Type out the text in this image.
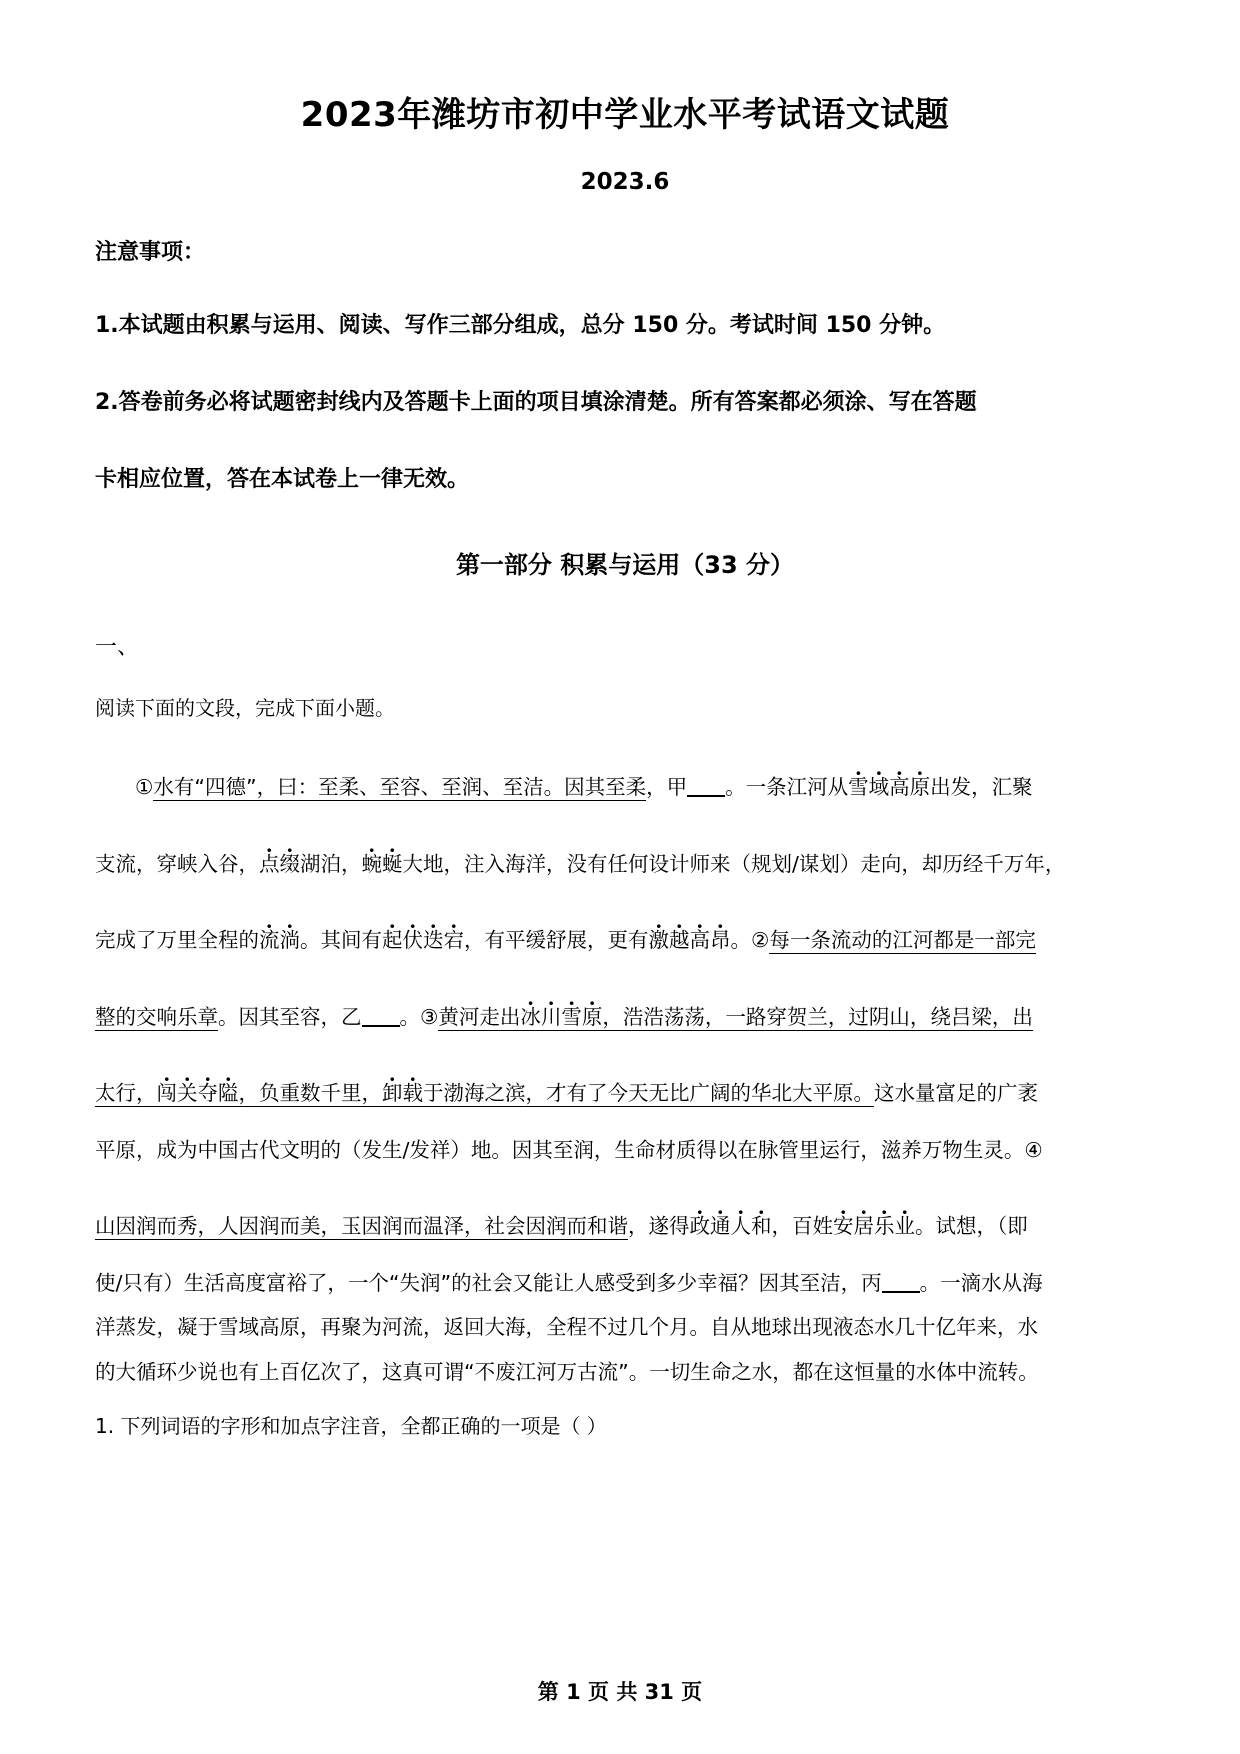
2023年潍坊市初中学业水平考试语文试题
2023.6
注意事项：
1.本试题由积累与运用、阅读、写作三部分组成，总分 150 分。考试时间 150 分钟。
2.答卷前务必将试题密封线内及答题卡上面的项目填涂清楚。所有答案都必须涂、写在答题
卡相应位置，答在本试卷上一律无效。
第一部分 积累与运用（33 分）
一、
阅读下面的文段，完成下面小题。
①水有“四德”，曰：至柔、至容、至润、至洁。因其至柔，甲 。一条江河从雪域高原出发，汇聚
支流，穿峡入谷，点缀湖泊，蜿蜒大地，注入海洋，没有任何设计师来（规划/谋划）走向，却历经千万年，
完成了万里全程的流淌。其间有起伏迭宕，有平缓舒展，更有激越高昂。②每一条流动的江河都是一部完
整的交响乐章。因其至容，乙 。③黄河走出冰川雪原，浩浩荡荡，一路穿贺兰，过阴山，绕吕梁，出
太行，闯关夺隘，负重数千里，卸载于渤海之滨，才有了今天无比广阔的华北大平原。这水量富足的广袤
平原，成为中国古代文明的（发生/发祥）地。因其至润，生命材质得以在脉管里运行，滋养万物生灵。④
山因润而秀，人因润而美，玉因润而温泽，社会因润而和谐，遂得政通人和，百姓安居乐业。试想，（即
使/只有）生活高度富裕了，一个“失润”的社会又能让人感受到多少幸福？因其至洁，丙 。一滴水从海
洋蒸发，凝于雪域高原，再聚为河流，返回大海，全程不过几个月。自从地球出现液态水几十亿年来，水
的大循环少说也有上百亿次了，这真可谓“不废江河万古流”。一切生命之水，都在这恒量的水体中流转。
1. 下列词语的字形和加点字注音，全都正确的一项是（ ）
第 1 页 共 31 页
